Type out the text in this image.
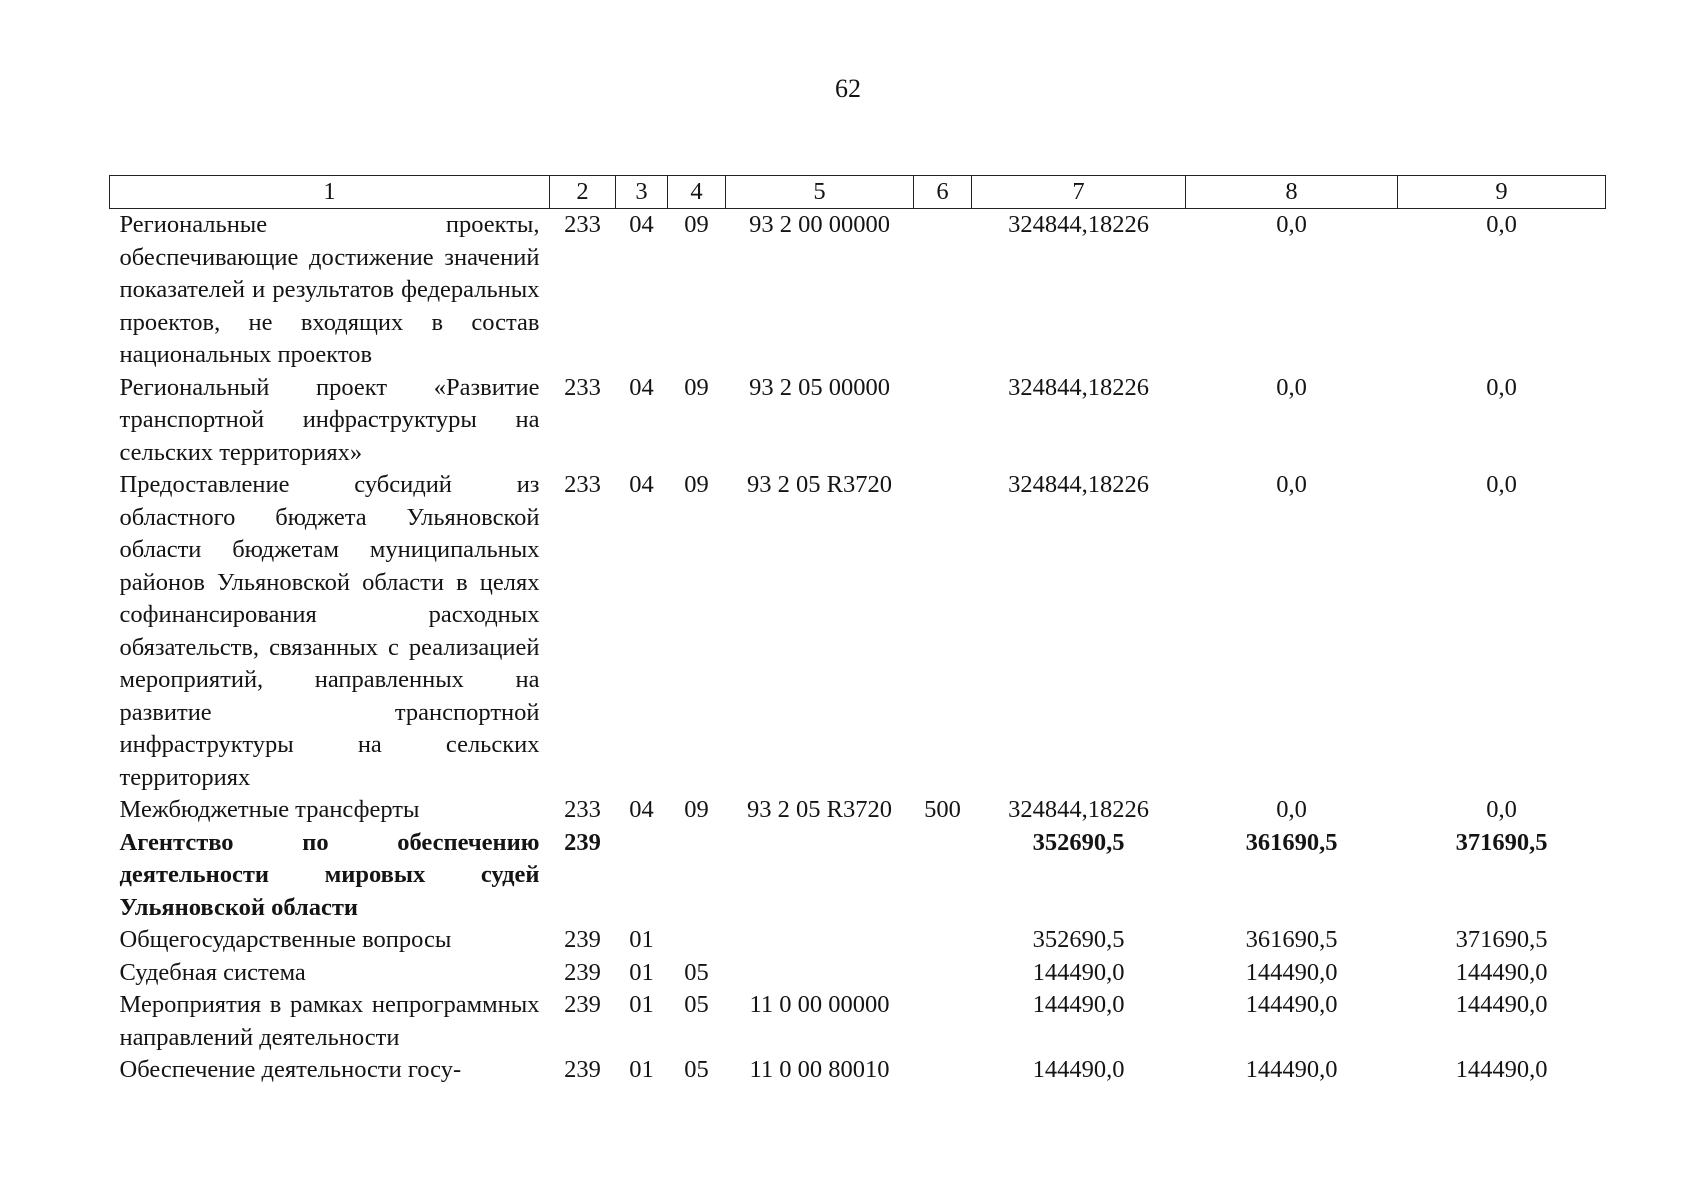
62
1	2	3	4	5	6	7	8	9
Региональные проекты, обеспечивающие достижение значений показателей и результатов федеральных проектов, не входящих в состав национальных проектов	233	04	09	93 2 00 00000		324844,18226	0,0	0,0
Региональный проект «Развитие транспортной инфраструктуры на сельских территориях»	233	04	09	93 2 05 00000		324844,18226	0,0	0,0
Предоставление субсидий из областного бюджета Ульяновской области бюджетам муниципальных районов Ульяновской области в целях софинансирования расходных обязательств, связанных с реализацией мероприятий, направленных на развитие транспортной инфраструктуры на сельских территориях	233	04	09	93 2 05 R3720		324844,18226	0,0	0,0
Межбюджетные трансферты	233	04	09	93 2 05 R3720	500	324844,18226	0,0	0,0
Агентство по обеспечению деятельности мировых судей Ульяновской области	239					352690,5	361690,5	371690,5
Общегосударственные вопросы	239	01				352690,5	361690,5	371690,5
Судебная система	239	01	05			144490,0	144490,0	144490,0
Мероприятия в рамках непрограммных направлений деятельности	239	01	05	11 0 00 00000		144490,0	144490,0	144490,0
Обеспечение деятельности госу-	239	01	05	11 0 00 80010		144490,0	144490,0	144490,0
